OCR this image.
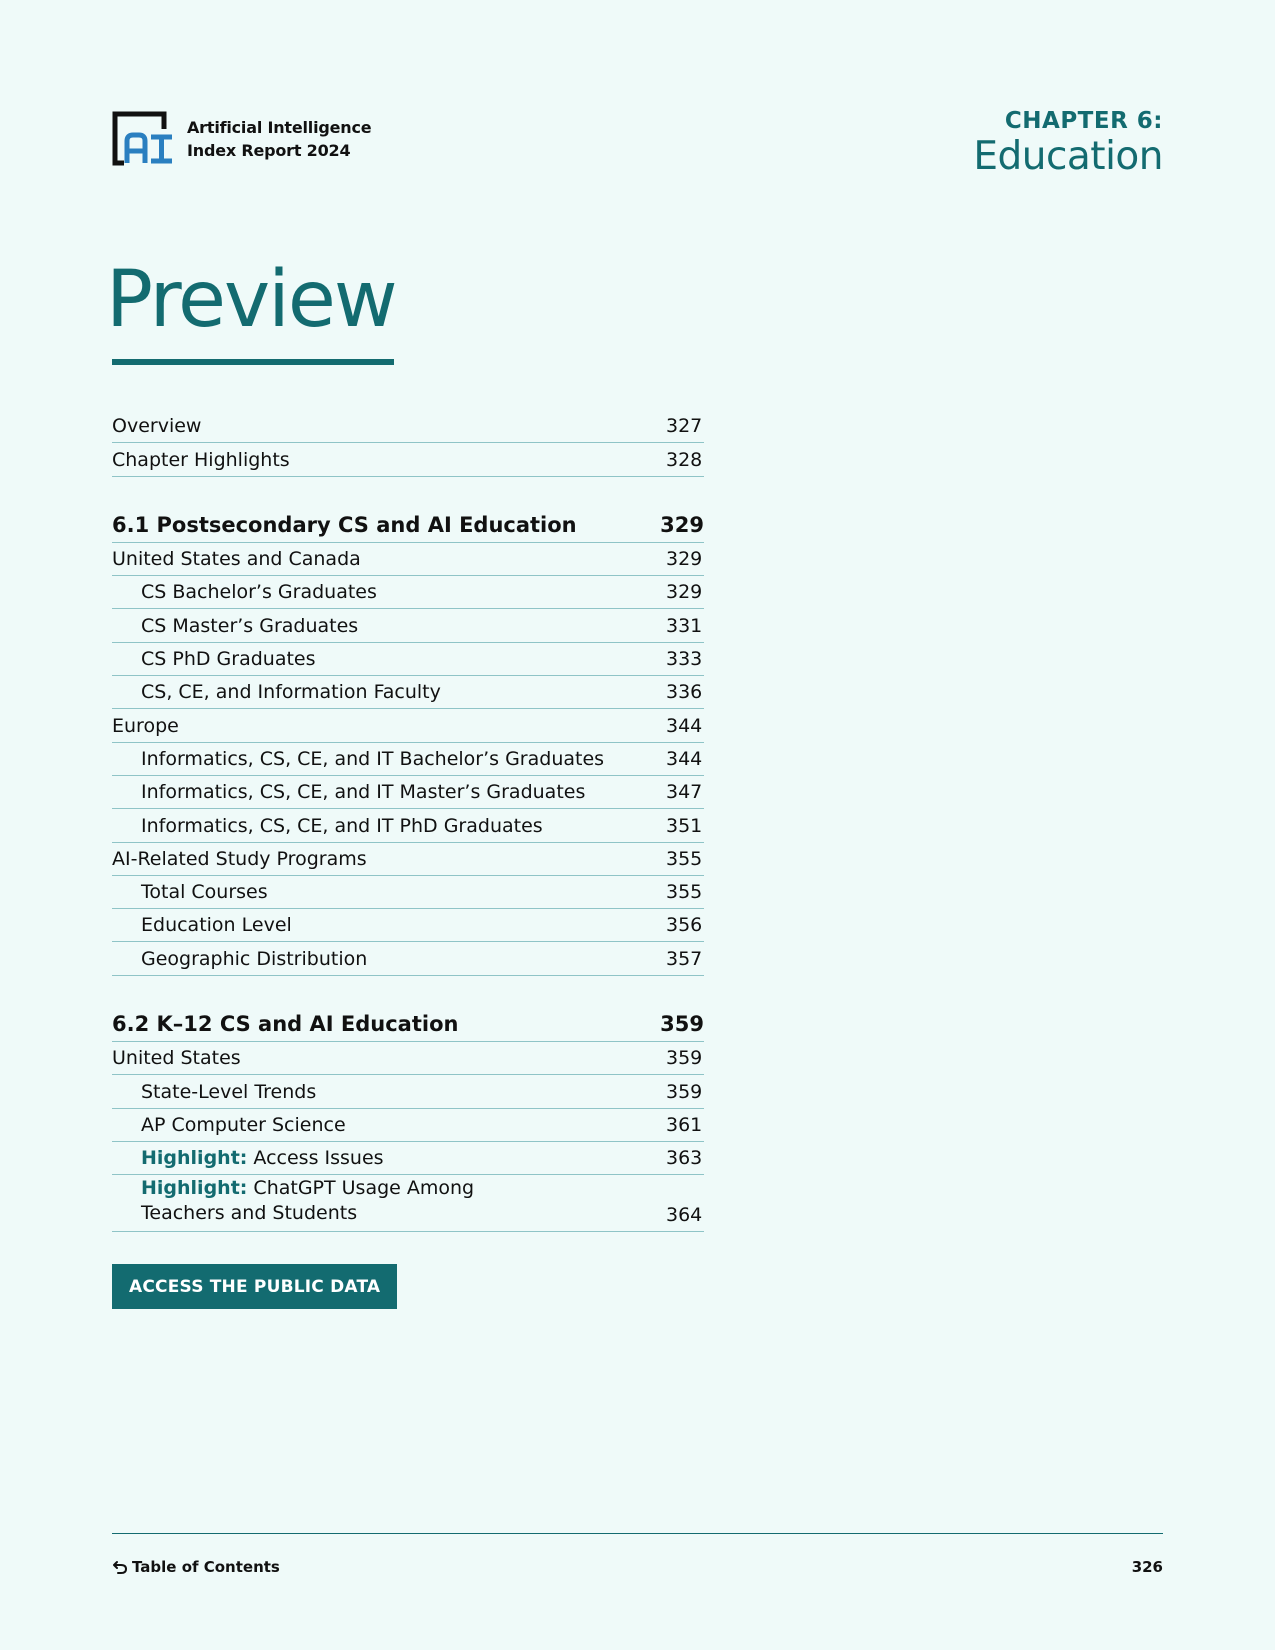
Artificial Intelligence
Index Report 2024
CHAPTER 6:
Education
Preview
Overview	327
Chapter Highlights	328
6.1 Postsecondary CS and AI Education	329
United States and Canada	329
CS Bachelor’s Graduates	329
CS Master’s Graduates	331
CS PhD Graduates	333
CS, CE, and Information Faculty	336
Europe	344
Informatics, CS, CE, and IT Bachelor’s Graduates	344
Informatics, CS, CE, and IT Master’s Graduates	347
Informatics, CS, CE, and IT PhD Graduates	351
AI-Related Study Programs	355
Total Courses	355
Education Level	356
Geographic Distribution	357
6.2 K–12 CS and AI Education	359
United States	359
State-Level Trends	359
AP Computer Science	361
Highlight: Access Issues	363
Highlight: ChatGPT Usage Among
Teachers and Students	364
ACCESS THE PUBLIC DATA
Table of Contents	326
